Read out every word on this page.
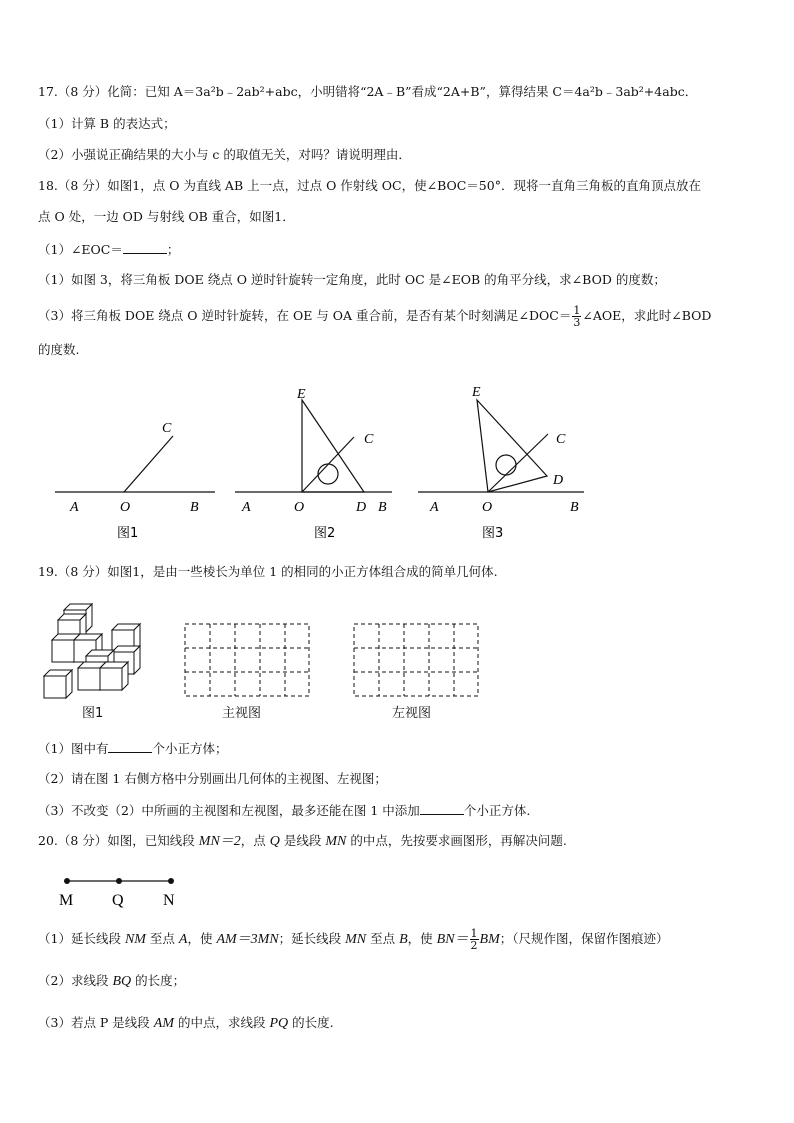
17.（8 分）化简：已知 A＝3a²b﹣2ab²+abc，小明错将“2A﹣B”看成“2A+B”，算得结果 C＝4a²b﹣3ab²+4abc．
（1）计算 B 的表达式；
（2）小强说正确结果的大小与 c 的取值无关，对吗？请说明理由．
18.（8 分）如图1，点 O 为直线 AB 上一点，过点 O 作射线 OC，使∠BOC＝50°．现将一直角三角板的直角顶点放在
点 O 处，一边 OD 与射线 OB 重合，如图1．
（1）∠EOC＝	；
（1）如图 3，将三角板 DOE 绕点 O 逆时针旋转一定角度，此时 OC 是∠EOB 的角平分线，求∠BOD 的度数；
（3）将三角板 DOE 绕点 O 逆时针旋转，在 OE 与 OA 重合前，是否有某个时刻满足∠DOC＝ $\frac{1}{3}$ ∠AOE，求此时∠BOD
的度数.
A	O	B
C
图1
E
C
A	O	D B
图2
E
C
D
A	O	B
图3
19.（8 分）如图1，是由一些棱长为单位 1 的相同的小正方体组合成的简单几何体.
图1	主视图	左视图
（1）图中有	个小正方体；
（2）请在图 1 右侧方格中分别画出几何体的主视图、左视图；
（3）不改变（2）中所画的主视图和左视图，最多还能在图 1 中添加	个小正方体.
20.（8 分）如图，已知线段 MN＝2，点 Q 是线段 MN 的中点，先按要求画图形，再解决问题.
M Q N
（1）延长线段 NM 至点 A，使 AM＝3MN；延长线段 MN 至点 B，使 $BN= \frac{1}{2}$ BM；（尺规作图，保留作图痕迹）
（2）求线段 BQ 的长度；
（3）若点 P 是线段 AM 的中点，求线段 PQ 的长度.
